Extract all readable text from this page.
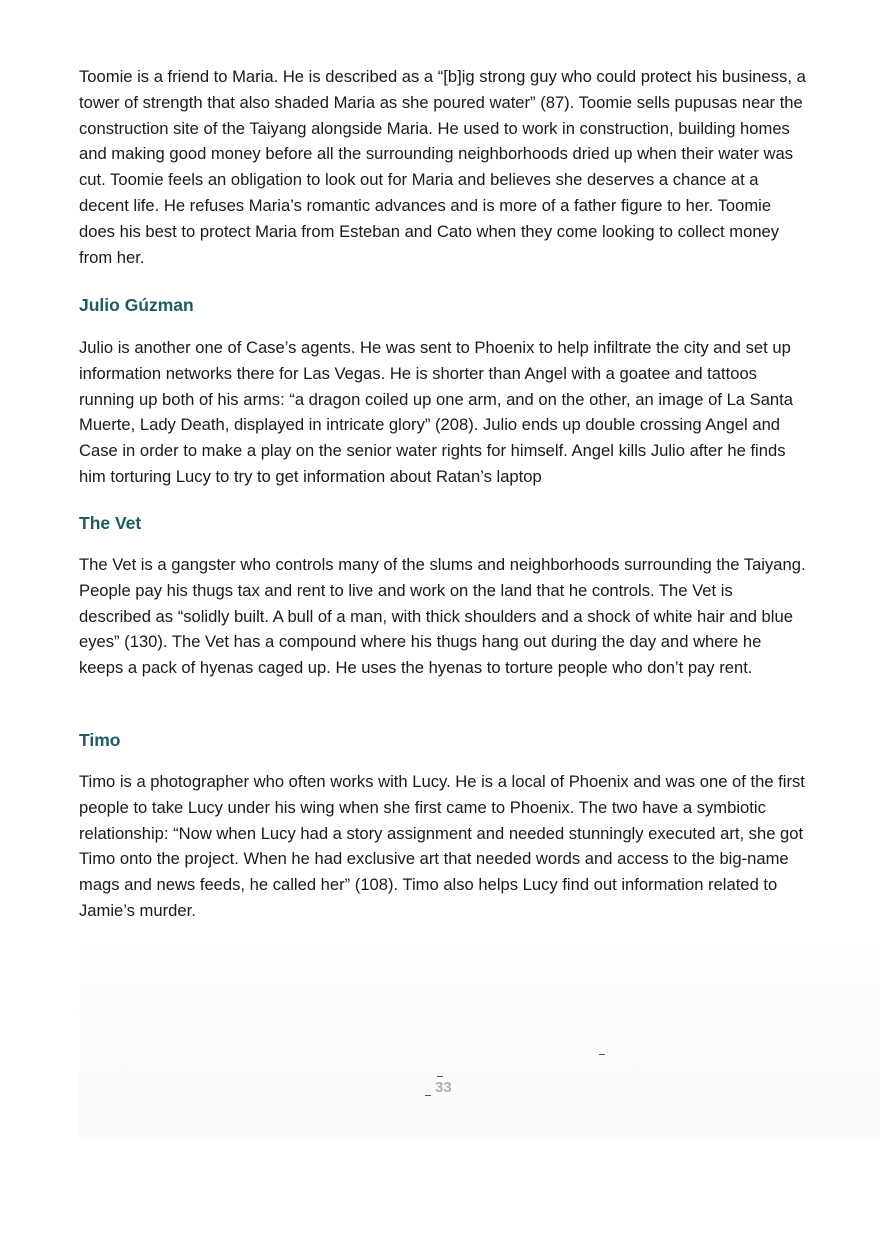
Toomie is a friend to Maria. He is described as a “[b]ig strong guy who could protect his business, a tower of strength that also shaded Maria as she poured water” (87). Toomie sells pupusas near the construction site of the Taiyang alongside Maria. He used to work in construction, building homes and making good money before all the surrounding neighborhoods dried up when their water was cut. Toomie feels an obligation to look out for Maria and believes she deserves a chance at a decent life. He refuses Maria’s romantic advances and is more of a father figure to her. Toomie does his best to protect Maria from Esteban and Cato when they come looking to collect money from her.

Julio Gúzman

Julio is another one of Case’s agents. He was sent to Phoenix to help infiltrate the city and set up information networks there for Las Vegas. He is shorter than Angel with a goatee and tattoos running up both of his arms: “a dragon coiled up one arm, and on the other, an image of La Santa Muerte, Lady Death, displayed in intricate glory” (208). Julio ends up double crossing Angel and Case in order to make a play on the senior water rights for himself. Angel kills Julio after he finds him torturing Lucy to try to get information about Ratan’s laptop

The Vet

The Vet is a gangster who controls many of the slums and neighborhoods surrounding the Taiyang. People pay his thugs tax and rent to live and work on the land that he controls. The Vet is described as “solidly built. A bull of a man, with thick shoulders and a shock of white hair and blue eyes” (130). The Vet has a compound where his thugs hang out during the day and where he keeps a pack of hyenas caged up. He uses the hyenas to torture people who don’t pay rent.

Timo

Timo is a photographer who often works with Lucy. He is a local of Phoenix and was one of the first people to take Lucy under his wing when she first came to Phoenix. The two have a symbiotic relationship: “Now when Lucy had a story assignment and needed stunningly executed art, she got Timo onto the project. When he had exclusive art that needed words and access to the big-name mags and news feeds, he called her” (108). Timo also helps Lucy find out information related to Jamie’s murder.

33
